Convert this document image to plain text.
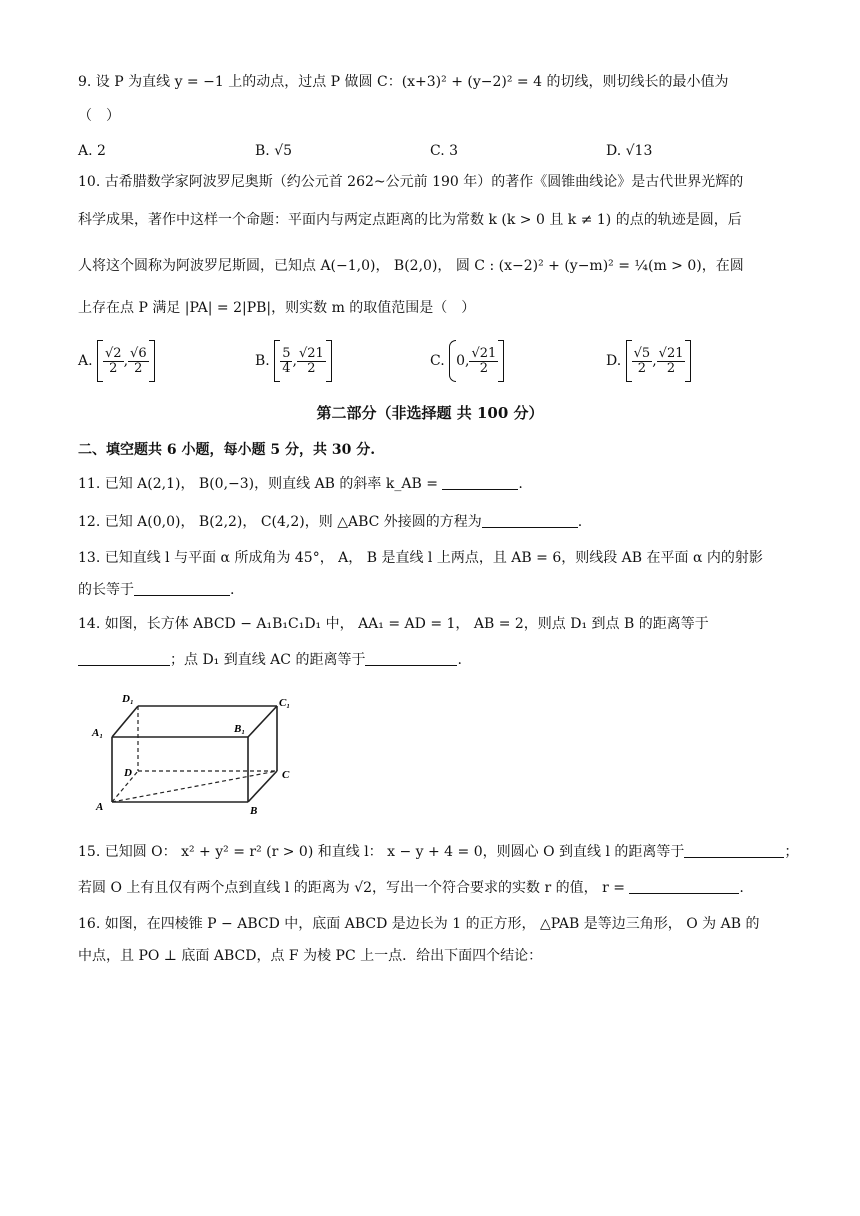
9. 设 P 为直线 y = −1 上的动点，过点 P 做圆 C：(x+3)² + (y−2)² = 4 的切线，则切线长的最小值为
（　）
A. 2	B. √5	C. 3	D. √13
10. 古希腊数学家阿波罗尼奥斯（约公元首 262~公元前 190 年）的著作《圆锥曲线论》是古代世界光辉的
科学成果，著作中这样一个命题：平面内与两定点距离的比为常数 k (k > 0 且 k ≠ 1) 的点的轨迹是圆，后
人将这个圆称为阿波罗尼斯圆，已知点 A(−1,0)， B(2,0)， 圆 C : (x−2)² + (y−m)² = ¼(m > 0)，在圆
上存在点 P 满足 |PA| = 2|PB|，则实数 m 的取值范围是（　）
A. $\frac{√2}{2}$ , $\frac{√6}{2}$	B. $\frac{5}{4}$ , $\frac{√21}{2}$	C. 0, $\frac{√21}{2}$	D. $\frac{√5}{2}$ , $\frac{√21}{2}$
第二部分（非选择题 共 100 分）
二、填空题共 6 小题，每小题 5 分，共 30 分.
11. 已知 A(2,1)， B(0,−3)，则直线 AB 的斜率 k_AB =	.
12. 已知 A(0,0)， B(2,2)， C(4,2)，则 △ABC 外接圆的方程为	.
13. 已知直线 l 与平面 α 所成角为 45°， A， B 是直线 l 上两点，且 AB = 6，则线段 AB 在平面 α 内的射影
的长等于	.
14. 如图，长方体 ABCD − A₁B₁C₁D₁ 中， AA₁ = AD = 1， AB = 2，则点 D₁ 到点 B 的距离等于
；点 D₁ 到直线 AC 的距离等于	.
D₁	C₁
A₁	B₁
D	C
A	B
15. 已知圆 O： x² + y² = r² (r > 0) 和直线 l： x − y + 4 = 0，则圆心 O 到直线 l 的距离等于	；
若圆 O 上有且仅有两个点到直线 l 的距离为 √2，写出一个符合要求的实数 r 的值， r =	.
16. 如图，在四棱锥 P − ABCD 中，底面 ABCD 是边长为 1 的正方形， △PAB 是等边三角形， O 为 AB 的
中点，且 PO ⊥ 底面 ABCD，点 F 为棱 PC 上一点．给出下面四个结论：
